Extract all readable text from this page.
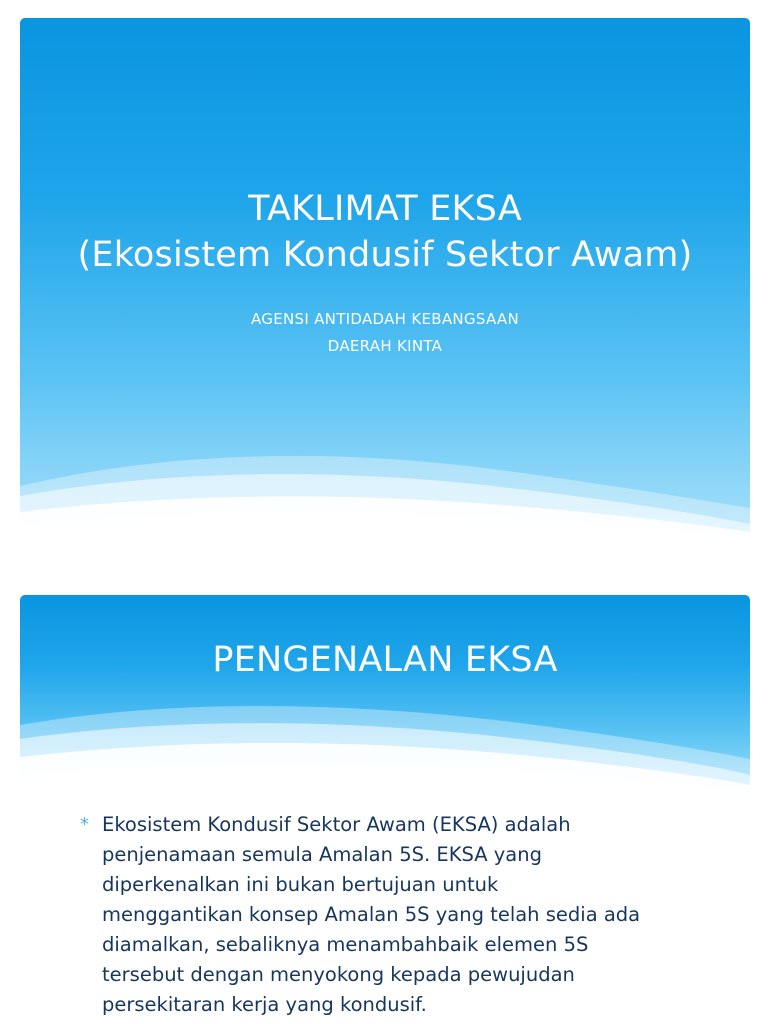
TAKLIMAT EKSA
(Ekosistem Kondusif Sektor Awam)
AGENSI ANTIDADAH KEBANGSAAN
DAERAH KINTA
PENGENALAN EKSA
* Ekosistem Kondusif Sektor Awam (EKSA) adalah
penjenamaan semula Amalan 5S. EKSA yang
diperkenalkan ini bukan bertujuan untuk
menggantikan konsep Amalan 5S yang telah sedia ada
diamalkan, sebaliknya menambahbaik elemen 5S
tersebut dengan menyokong kepada pewujudan
persekitaran kerja yang kondusif.
